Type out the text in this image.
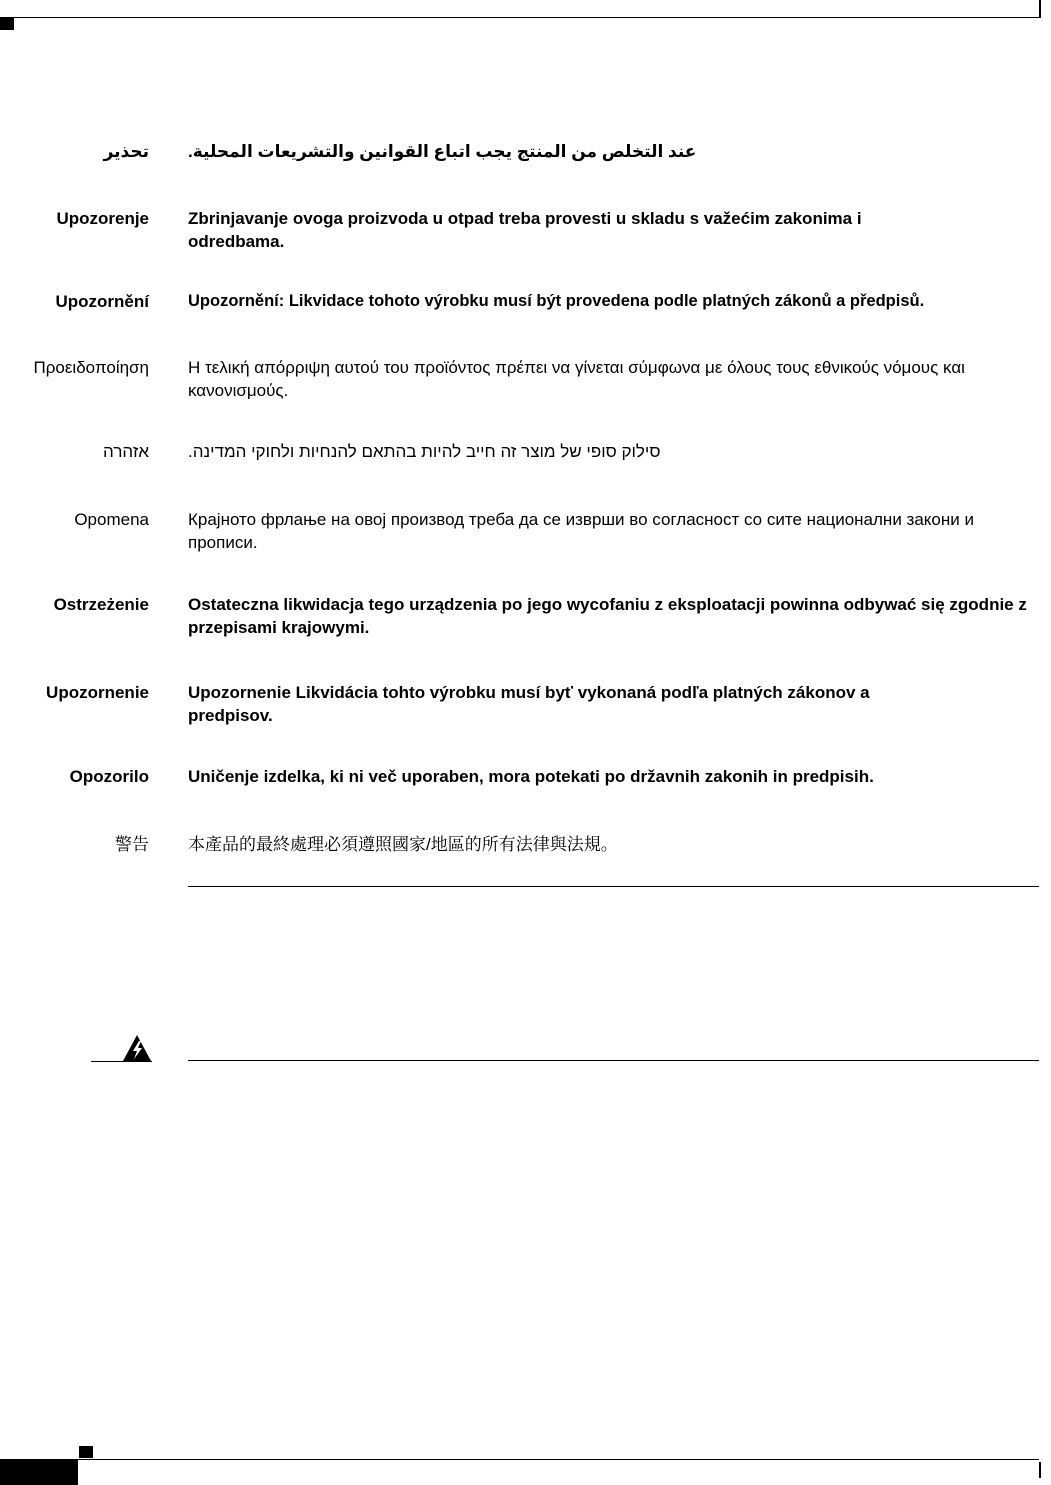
تحذير عند التخلص من المنتج يجب اتباع القوانين والتشريعات المحلية.
Upozorenje Zbrinjavanje ovoga proizvoda u otpad treba provesti u skladu s važećim zakonima i odredbama.
Upozornění Upozornění: Likvidace tohoto výrobku musí být provedena podle platných zákonů a předpisů.
Προειδοποίηση Η τελική απόρριψη αυτού του προϊόντος πρέπει να γίνεται σύμφωνα με όλους τους εθνικούς νόμους και κανονισμούς.
אזהרה סילוק סופי של מוצר זה חייב להיות בהתאם להנחיות ולחוקי המדינה.
Opomena Крајното фрлање на овој производ треба да се изврши во согласност со сите национални закони и прописи.
Ostrzeżenie Ostateczna likwidacja tego urządzenia po jego wycofaniu z eksploatacji powinna odbywać się zgodnie z przepisami krajowymi.
Upozornenie Upozornenie Likvidácia tohto výrobku musí byť vykonaná podľa platných zákonov a predpisov.
Opozorilo Uničenje izdelka, ki ni več uporaben, mora potekati po državnih zakonih in predpisih.
警告 本產品的最終處理必須遵照國家/地區的所有法律與法規。
